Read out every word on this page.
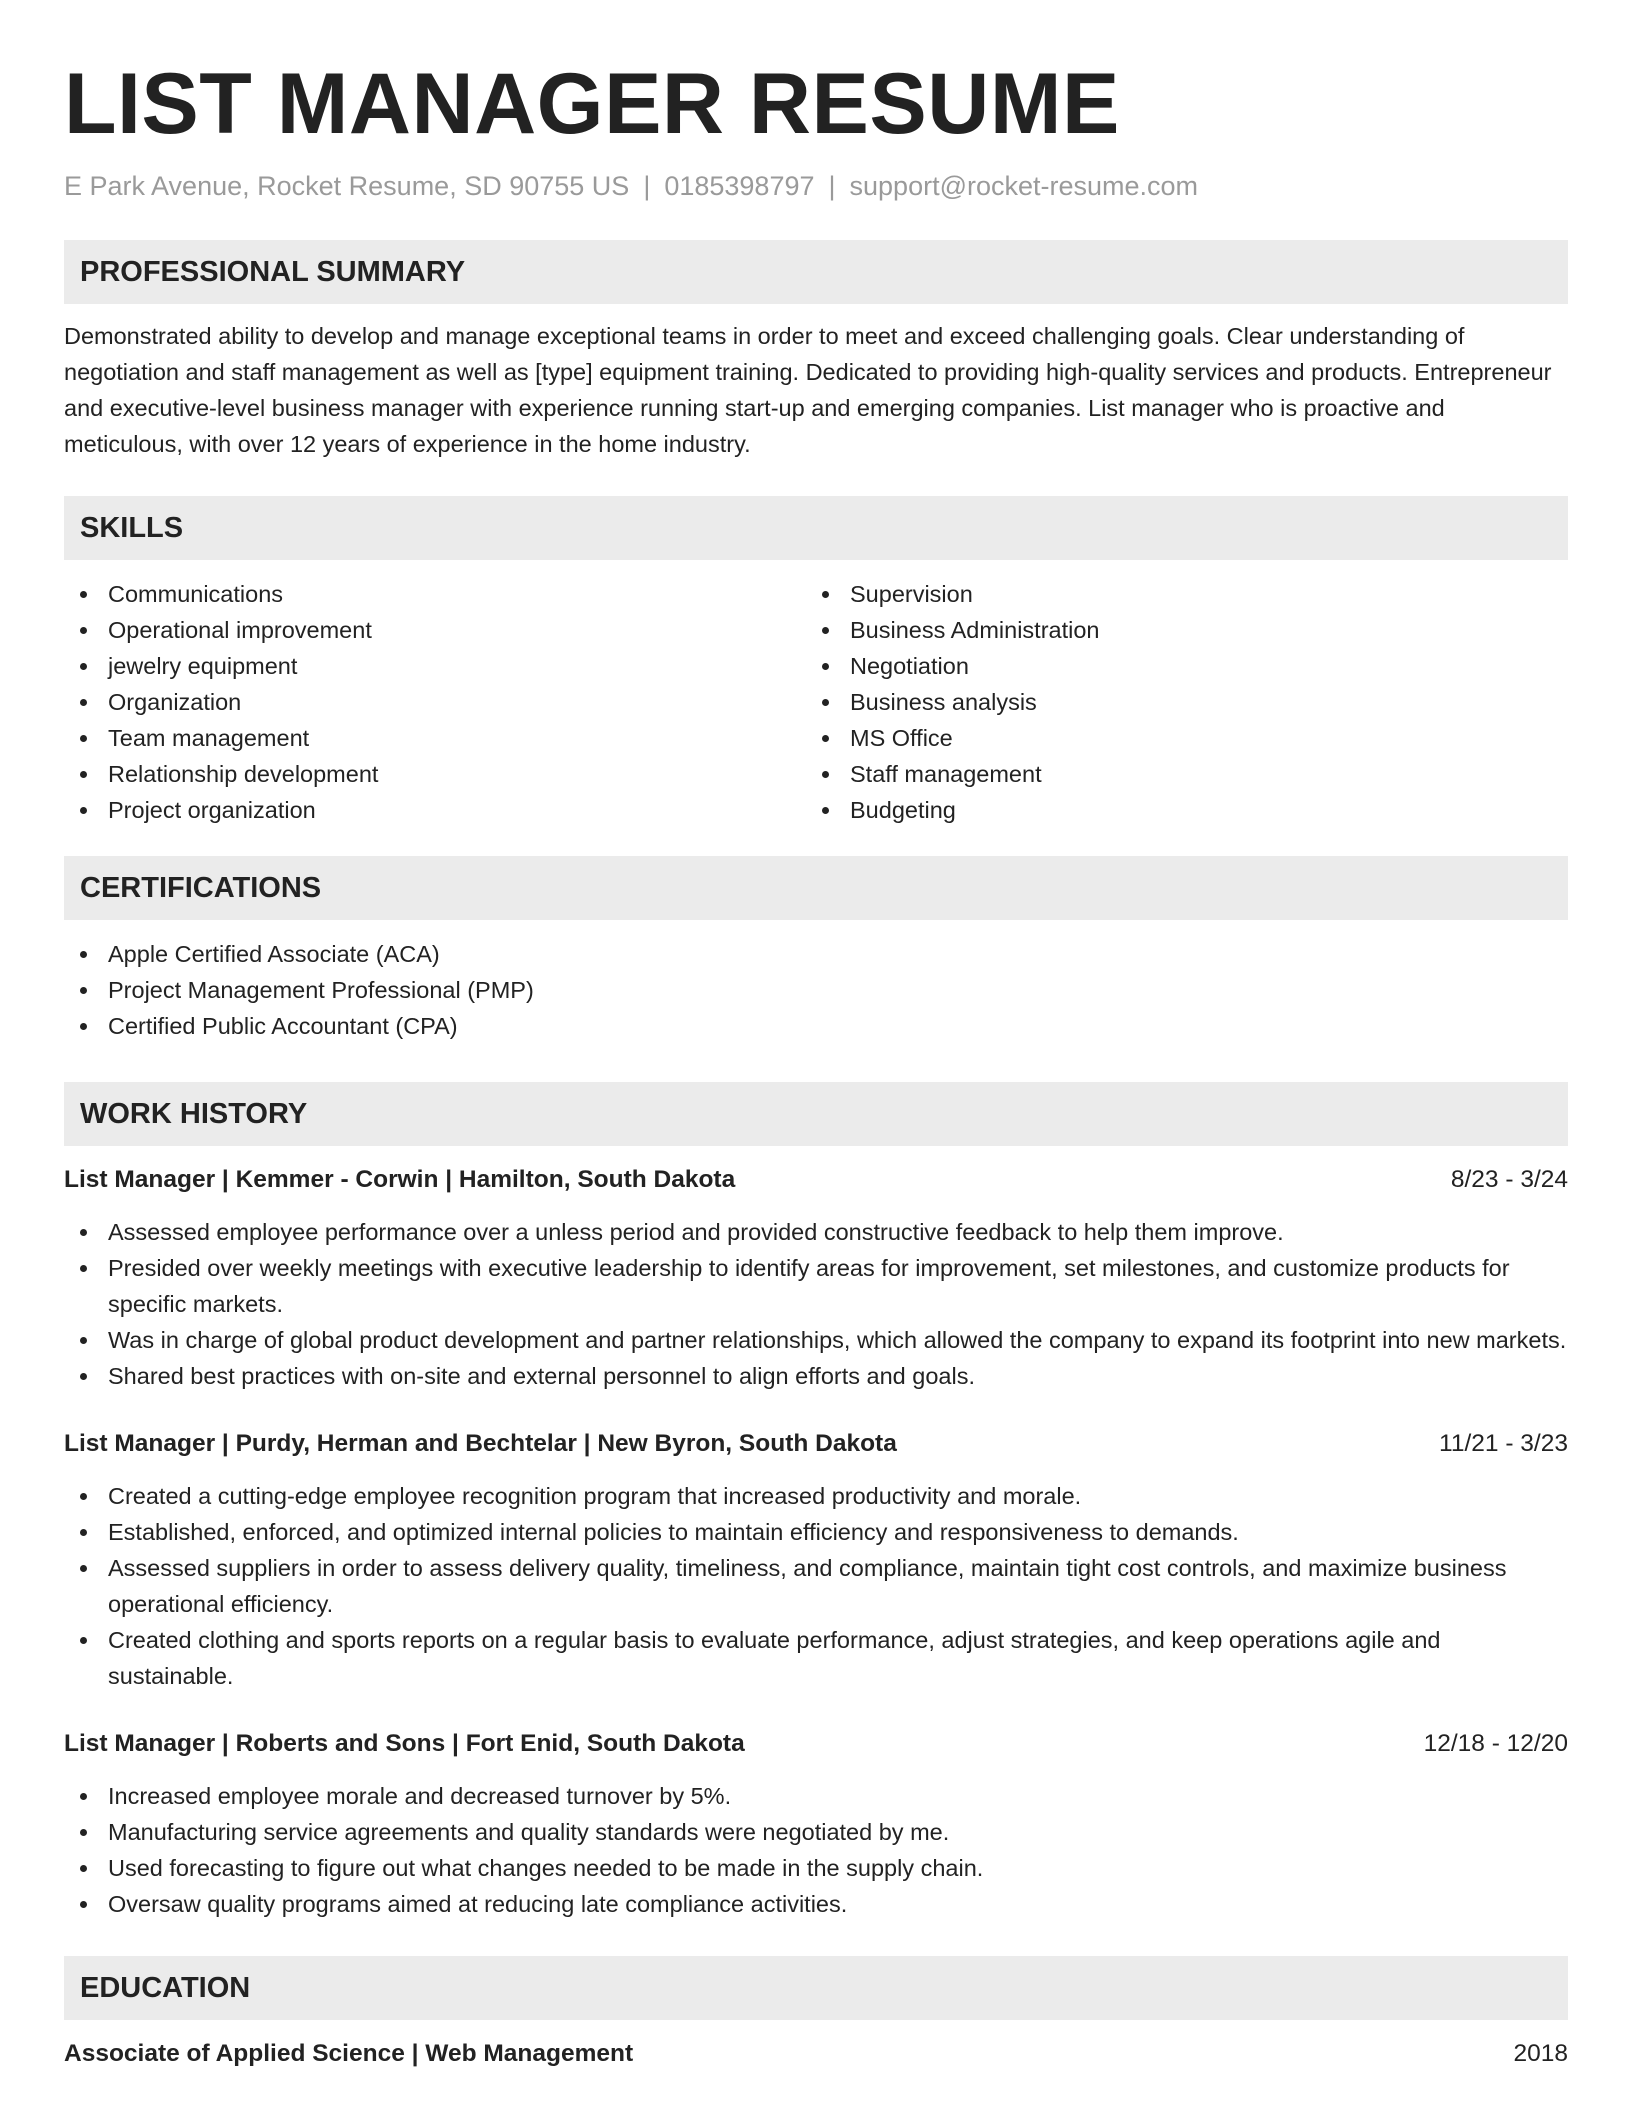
LIST MANAGER RESUME
E Park Avenue, Rocket Resume, SD 90755 US | 0185398797 | support@rocket-resume.com
PROFESSIONAL SUMMARY

Demonstrated ability to develop and manage exceptional teams in order to meet and exceed challenging goals. Clear understanding of negotiation and staff management as well as [type] equipment training. Dedicated to providing high-quality services and products. Entrepreneur and executive-level business manager with experience running start-up and emerging companies. List manager who is proactive and meticulous, with over 12 years of experience in the home industry.

SKILLS
Communications
Operational improvement
jewelry equipment
Organization
Team management
Relationship development
Project organization
Supervision
Business Administration
Negotiation
Business analysis
MS Office
Staff management
Budgeting
CERTIFICATIONS
Apple Certified Associate (ACA)
Project Management Professional (PMP)
Certified Public Accountant (CPA)
WORK HISTORY
List Manager | Kemmer - Corwin | Hamilton, South Dakota	8/23 - 3/24
Assessed employee performance over a unless period and provided constructive feedback to help them improve.
Presided over weekly meetings with executive leadership to identify areas for improvement, set milestones, and customize products for specific markets.
Was in charge of global product development and partner relationships, which allowed the company to expand its footprint into new markets.
Shared best practices with on-site and external personnel to align efforts and goals.
List Manager | Purdy, Herman and Bechtelar | New Byron, South Dakota	11/21 - 3/23
Created a cutting-edge employee recognition program that increased productivity and morale.
Established, enforced, and optimized internal policies to maintain efficiency and responsiveness to demands.
Assessed suppliers in order to assess delivery quality, timeliness, and compliance, maintain tight cost controls, and maximize business operational efficiency.
Created clothing and sports reports on a regular basis to evaluate performance, adjust strategies, and keep operations agile and sustainable.
List Manager | Roberts and Sons | Fort Enid, South Dakota	12/18 - 12/20
Increased employee morale and decreased turnover by 5%.
Manufacturing service agreements and quality standards were negotiated by me.
Used forecasting to figure out what changes needed to be made in the supply chain.
Oversaw quality programs aimed at reducing late compliance activities.
EDUCATION
Associate of Applied Science | Web Management	2018
